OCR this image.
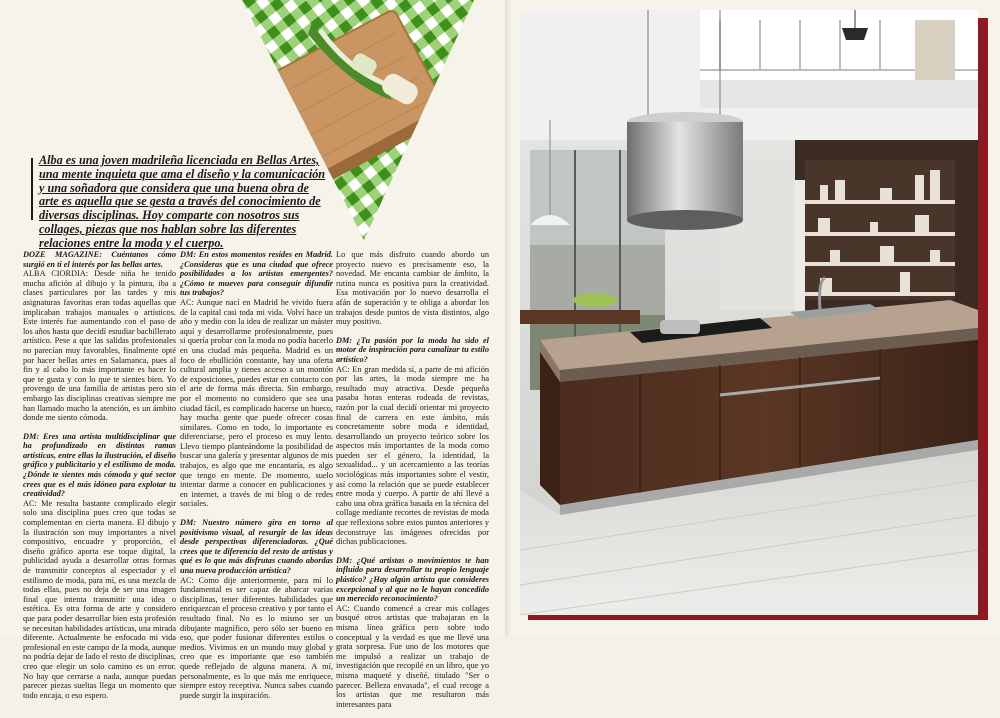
Alba es una joven madrileña licenciada en Bellas Artes, una mente inquieta que ama el diseño y la comunicación y una soñadora que considera que una buena obra de arte es aquella que se gesta a través del conocimiento de diversas disciplinas. Hoy comparte con nosotros sus collages, piezas que nos hablan sobre las diferentes relaciones entre la moda y el cuerpo.
DOZE MAGAZINE: Cuéntanos cómo surgió en ti el interés por las bellas artes.
ALBA CIORDIA: Desde niña he tenido mucha afición al dibujo y la pintura, iba a clases particulares por las tardes y mis asignaturas favoritas eran todas aquellas que implicaban trabajos manuales o artísticos. Este interés fue aumentando con el paso de los años hasta que decidí estudiar bachillerato artístico. Pese a que las salidas profesionales no parecían muy favorables, finalmente opté por hacer bellas artes en Salamanca, pues al fin y al cabo lo más importante es hacer lo que te gusta y con lo que te sientes bien. Yo provengo de una familia de artistas pero sin embargo las disciplinas creativas siempre me han llamado mucho la atención, es un ámbito donde me siento cómoda.
DM: Eres una artista multidisciplinar que ha profundizado en distintas ramas artísticas, entre ellas la ilustración, el diseño gráfico y publicitario y el estilismo de moda. ¿Dónde te sientes más cómoda y qué sector crees que es el más idóneo para explotar tu creatividad?
AC: Me resulta bastante complicado elegir solo una disciplina pues creo que todas se complementan en cierta manera. El dibujo y la ilustración son muy importantes a nivel compositivo, encuadre y proporción, el diseño gráfico aporta ese toque digital, la publicidad ayuda a desarrollar otras formas de transmitir conceptos al espectador y el estilismo de moda, para mí, es una mezcla de todas ellas, pues no deja de ser una imagen final que intenta transmitir una idea o estética. Es otra forma de arte y considero que para poder desarrollar bien esta profesión se necesitan habilidades artísticas, una mirada diferente. Actualmente he enfocado mi vida profesional en este campo de la moda, aunque no podría dejar de lado el resto de disciplinas, creo que elegir un solo camino es un error. No hay que cerrarse a nada, aunque puedan parecer piezas sueltas llega un momento que todo encaja, o eso espero.
DM: En estos momentos resides en Madrid. ¿Consideras que es una ciudad que ofrece posibilidades a los artistas emergentes? ¿Cómo te mueves para conseguir difundir tus trabajos?
AC: Aunque nací en Madrid he vivido fuera de la capital casi toda mi vida. Volví hace un año y medio con la idea de realizar un máster aquí y desarrollarme profesionalmente, pues si quería probar con la moda no podía hacerlo en una ciudad más pequeña. Madrid es un foco de ebullición constante, hay una oferta cultural amplia y tienes acceso a un montón de exposiciones, puedes estar en contacto con el arte de forma más directa. Sin embargo, por el momento no considero que sea una ciudad fácil, es complicado hacerse un hueco, hay mucha gente que puede ofrecer cosas similares. Como en todo, lo importante es diferenciarse, pero el proceso es muy lento. Llevo tiempo planteándome la posibilidad de buscar una galería y presentar algunos de mis trabajos, es algo que me encantaría, es algo que tengo en mente. De momento, suelo intentar darme a conocer en publicaciones y en internet, a través de mi blog o de redes sociales.
DM: Nuestro número gira en torno al positivismo visual, al resurgir de las ideas desde perspectivas diferenciadoras. ¿Qué crees que te diferencia del resto de artistas y qué es lo que más disfrutas cuando abordas una nueva producción artística?
AC: Como dije anteriormente, para mí lo fundamental es ser capaz de abarcar varias disciplinas, tener diferentes habilidades que enriquezcan el proceso creativo y por tanto el resultado final. No es lo mismo ser un dibujante magnífico, pero sólo ser bueno en eso, que poder fusionar diferentes estilos o medios. Vivimos en un mundo muy global y creo que es importante que eso también quede reflejado de alguna manera. A mí, personalmente, es lo que más me enriquece, siempre estoy receptiva. Nunca sabes cuando puede surgir la inspiración.
Lo que más disfruto cuando abordo un proyecto nuevo es precisamente eso, la novedad. Me encanta cambiar de ámbito, la rutina nunca es positiva para la creatividad. Esa motivación por lo nuevo desarrolla el afán de superación y te obliga a abordar los trabajos desde puntos de vista distintos, algo muy positivo.
DM: ¿Tu pasión por la moda ha sido el motor de inspiración para canalizar tu estilo artístico?
AC: En gran medida sí, a parte de mi afición por las artes, la moda siempre me ha resultado muy atractiva. Desde pequeña pasaba horas enteras rodeada de revistas, razón por la cual decidí orientar mi proyecto final de carrera en este ámbito, más concretamente sobre moda e identidad, desarrollando un proyecto teórico sobre los aspectos más importantes de la moda como pueden ser el género, la identidad, la sexualidad... y un acercamiento a las teorías sociológicas más importantes sobre el vestir, así como la relación que se puede establecer entre moda y cuerpo. A partir de ahí llevé a cabo una obra gráfica basada en la técnica del collage mediante recortes de revistas de moda que reflexiona sobre estos puntos anteriores y deconstruye las imágenes ofrecidas por dichas publicaciones.
DM: ¿Qué artistas o movimientos te han influido para desarrollar tu propio lenguaje plástico? ¿Hay algún artista que consideres excepcional y al que no le hayan concedido un merecido reconocimiento?
AC: Cuando comencé a crear mis collages busqué otros artistas que trabajaran en la misma línea gráfica pero sobre todo conceptual y la verdad es que me llevé una grata sorpresa. Fue uno de los motores que me impulsó a realizar un trabajo de investigación que recopilé en un libro, que yo misma maqueté y diseñé, titulado "Ser o parecer. Belleza envasada", el cual recoge a los artistas que me resultaron más interesantes para
